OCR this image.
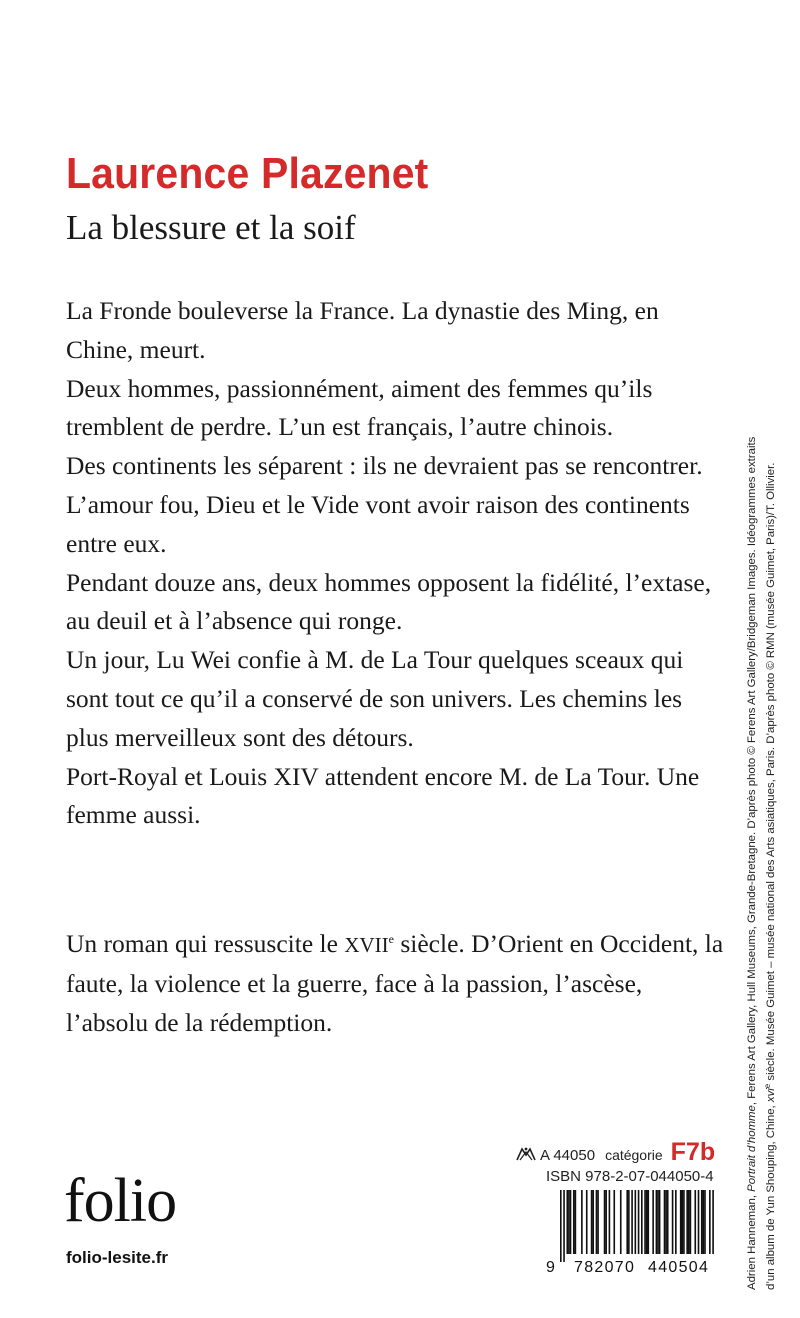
Laurence Plazenet
La blessure et la soif

La Fronde bouleverse la France. La dynastie des Ming, en Chine, meurt.

Deux hommes, passionnément, aiment des femmes qu’ils tremblent de perdre. L’un est français, l’autre chinois.

Des continents les séparent : ils ne devraient pas se rencontrer.

L’amour fou, Dieu et le Vide vont avoir raison des continents entre eux.

Pendant douze ans, deux hommes opposent la fidélité, l’extase, au deuil et à l’absence qui ronge.

Un jour, Lu Wei confie à M. de La Tour quelques sceaux qui sont tout ce qu’il a conservé de son univers. Les chemins les plus merveilleux sont des détours.

Port-Royal et Louis XIV attendent encore M. de La Tour. Une femme aussi.

Un roman qui ressuscite le XVIIe siècle. D’Orient en Occident, la faute, la violence et la guerre, face à la passion, l’ascèse, l’absolu de la rédemption.

Adrien Hanneman, Portrait d’homme, Ferens Art Gallery, Hull Museums, Grande-Bretagne. D’après photo © Ferens Art Gallery/Bridgeman Images. Idéogrammes extraits
d’un album de Yun Shouping, Chine, xvi$^e$ siècle. Musée Guimet – musée national des Arts asiatiques, Paris. D’après photo © RMN (musée Guimet, Paris)/T. Ollivier.
A 44050 catégorie F7b
ISBN 978-2-07-044050-4
9 782070 440504
folio
folio-lesite.fr
